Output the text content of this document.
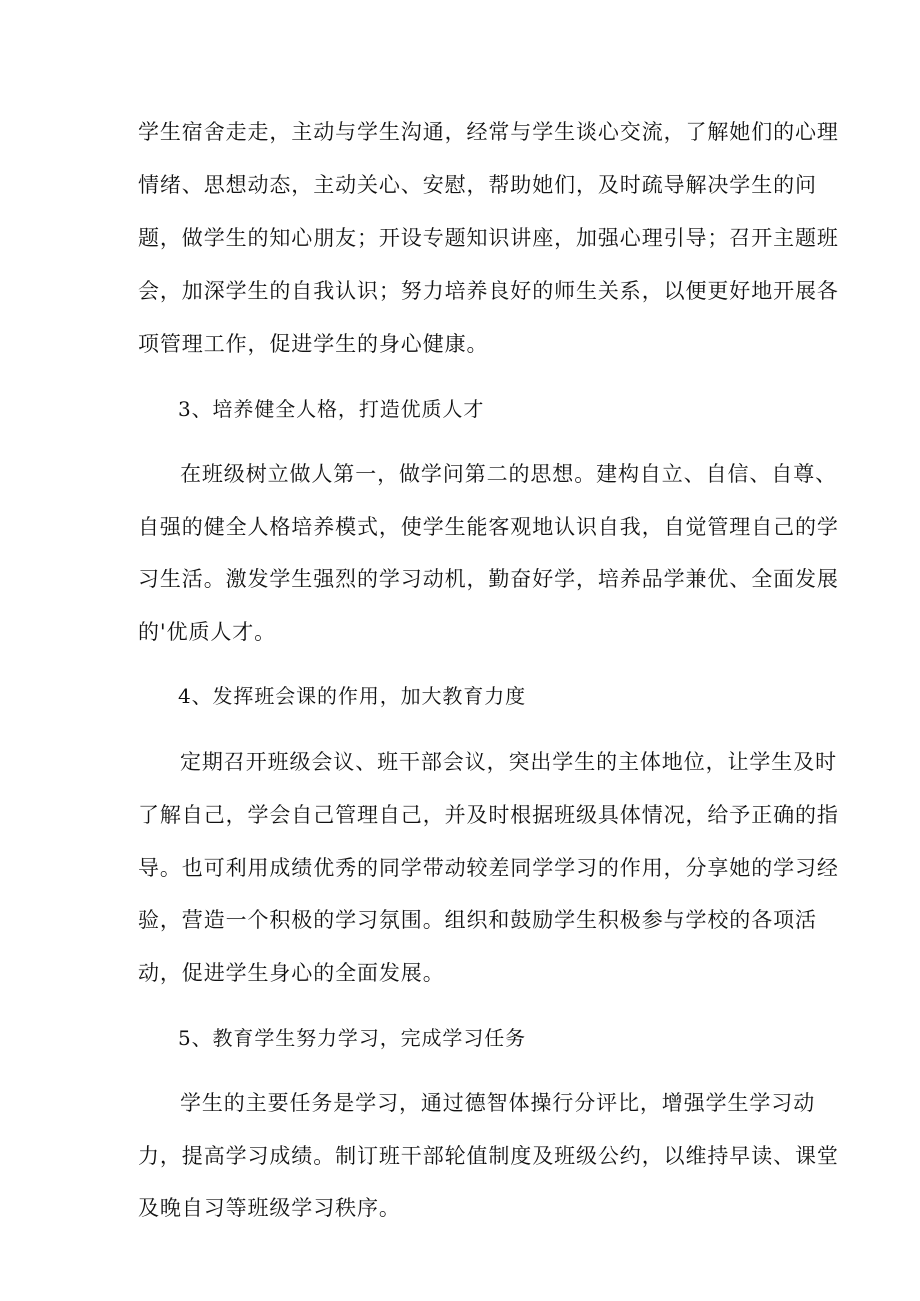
学生宿舍走走，主动与学生沟通，经常与学生谈心交流，了解她们的心理
情绪、思想动态，主动关心、安慰，帮助她们，及时疏导解决学生的问
题，做学生的知心朋友；开设专题知识讲座，加强心理引导；召开主题班
会，加深学生的自我认识；努力培养良好的师生关系，以便更好地开展各
项管理工作，促进学生的身心健康。
3、培养健全人格，打造优质人才
在班级树立做人第一，做学问第二的思想。建构自立、自信、自尊、
自强的健全人格培养模式，使学生能客观地认识自我，自觉管理自己的学
习生活。激发学生强烈的学习动机，勤奋好学，培养品学兼优、全面发展
的'优质人才。
4、发挥班会课的作用，加大教育力度
定期召开班级会议、班干部会议，突出学生的主体地位，让学生及时
了解自己，学会自己管理自己，并及时根据班级具体情况，给予正确的指
导。也可利用成绩优秀的同学带动较差同学学习的作用，分享她的学习经
验，营造一个积极的学习氛围。组织和鼓励学生积极参与学校的各项活
动，促进学生身心的全面发展。
5、教育学生努力学习，完成学习任务
学生的主要任务是学习，通过德智体操行分评比，增强学生学习动
力，提高学习成绩。制订班干部轮值制度及班级公约，以维持早读、课堂
及晚自习等班级学习秩序。
